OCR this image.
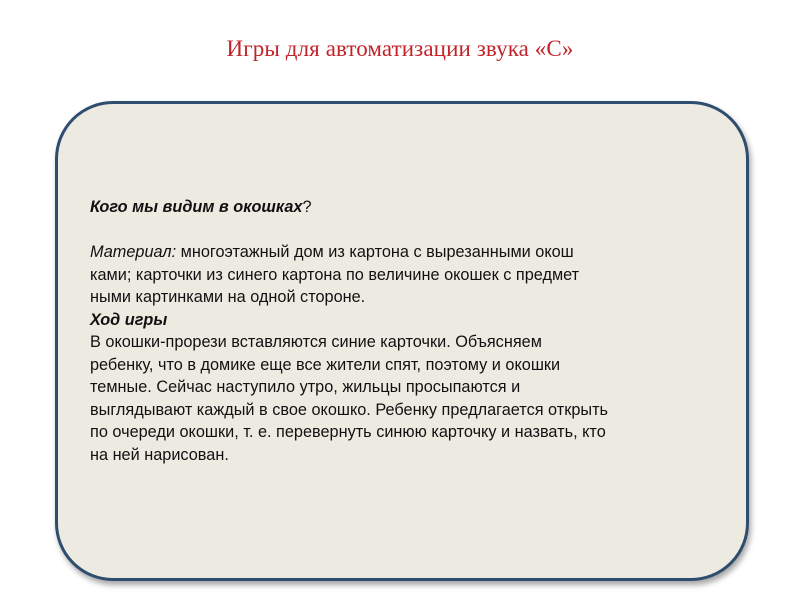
Игры для автоматизации звука «С»

Кого мы видим в окошках?

Материал: многоэтажный дом из картона с вырезанными окош

ками; карточки из синего картона по величине окошек с предмет

ными картинками на одной стороне.

Ход игры

В окошки-прорези вставляются синие карточки. Объясняем

ребенку, что в домике еще все жители спят, поэтому и окошки

темные. Сейчас наступило утро, жильцы просыпаются и

выглядывают каждый в свое окошко. Ребенку предлагается открыть

по очереди окошки, т. е. перевернуть синюю карточку и назвать, кто

на ней нарисован.
